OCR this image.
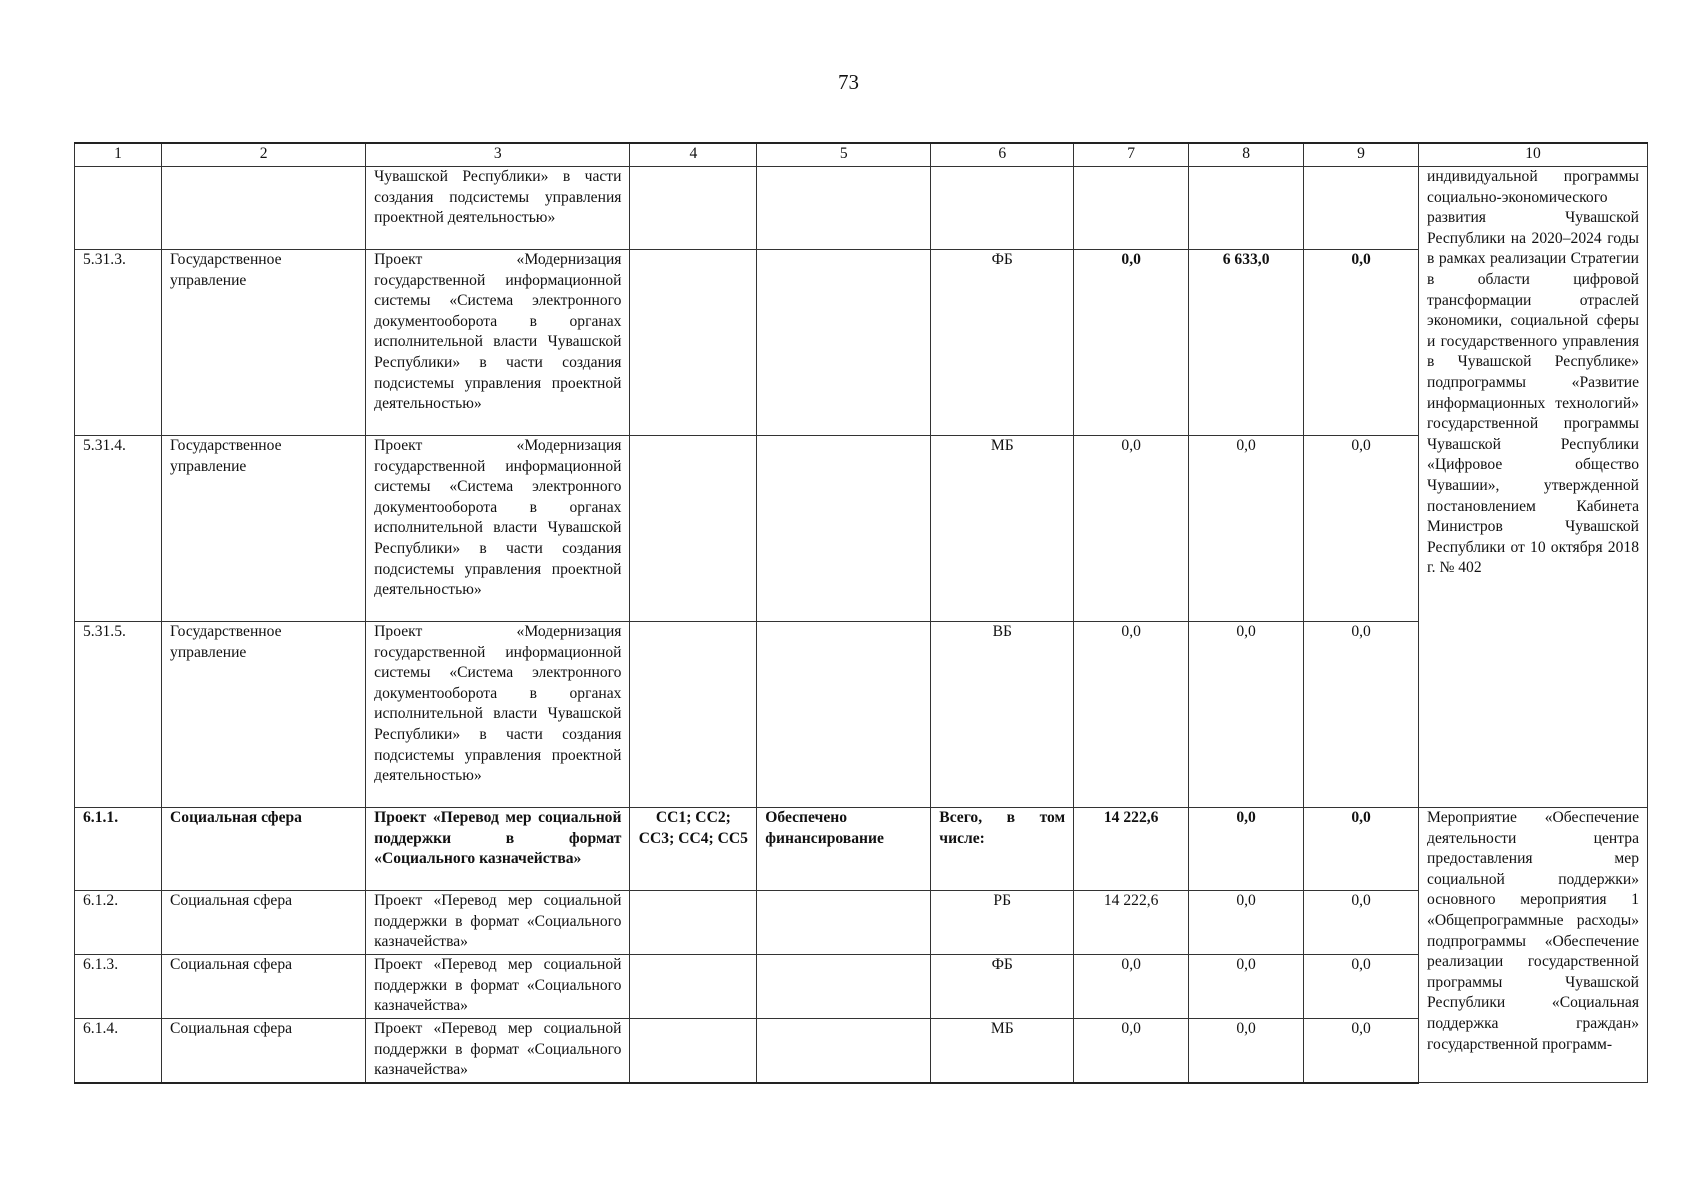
73
1	2	3	4	5	6	7	8	9	10
		Чувашской Республики» в части создания подсистемы управления проектной деятельностью»							индивидуальной программы социально-экономического развития Чувашской Республики на 2020–2024 годы в рамках реализации Стратегии в области цифровой трансформации отраслей экономики, социальной сферы и государственного управления в Чувашской Республике» подпрограммы «Развитие информационных технологий» государственной программы Чувашской Республики «Цифровое общество Чувашии», утвержденной постановлением Кабинета Министров Чувашской Республики от 10 октября 2018 г. № 402
5.31.3.	Государственное управление	Проект «Модернизация государственной информационной системы «Система электронного документооборота в органах исполнительной власти Чувашской Республики» в части создания подсистемы управления проектной деятельностью»			ФБ	0,0	6 633,0	0,0	
5.31.4.	Государственное управление	Проект «Модернизация государственной информационной системы «Система электронного документооборота в органах исполнительной власти Чувашской Республики» в части создания подсистемы управления проектной деятельностью»			МБ	0,0	0,0	0,0	
5.31.5.	Государственное управление	Проект «Модернизация государственной информационной системы «Система электронного документооборота в органах исполнительной власти Чувашской Республики» в части создания подсистемы управления проектной деятельностью»			ВБ	0,0	0,0	0,0	
6.1.1.	Социальная сфера	Проект «Перевод мер социальной поддержки в формат «Социального казначейства»	СС1; СС2; СС3; СС4; СС5	Обеспечено финансирование	Всего, в том числе:	14 222,6	0,0	0,0	Мероприятие «Обеспечение деятельности центра предоставления мер социальной поддержки» основного мероприятия 1 «Общепрограммные расходы» подпрограммы «Обеспечение реализации государственной программы Чувашской Республики «Социальная поддержка граждан» государственной программ-
6.1.2.	Социальная сфера	Проект «Перевод мер социальной поддержки в формат «Социального казначейства»			РБ	14 222,6	0,0	0,0	
6.1.3.	Социальная сфера	Проект «Перевод мер социальной поддержки в формат «Социального казначейства»			ФБ	0,0	0,0	0,0	
6.1.4.	Социальная сфера	Проект «Перевод мер социальной поддержки в формат «Социального казначейства»			МБ	0,0	0,0	0,0	
